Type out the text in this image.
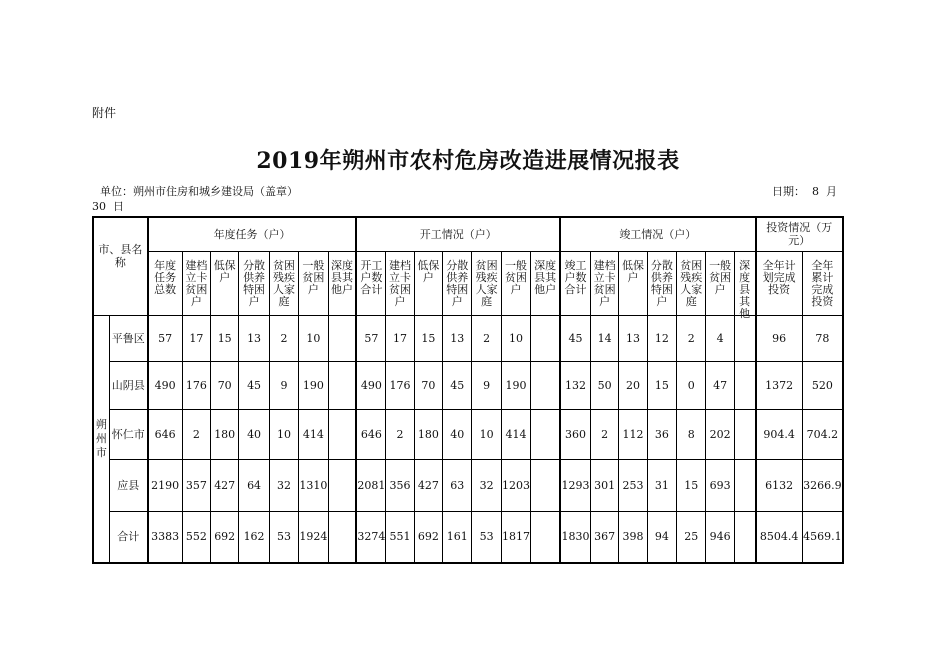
附件
2019年朔州市农村危房改造进展情况报表
单位：朔州市住房和城乡建设局（盖章）	日期：  8  月
30  日
市、县名称		年度任务（户）							开工情况（户）							竣工情况（户）							投资情况（万元）	

		年度任务总数	建档立卡贫困户	低保户	分散供养特困户	贫困残疾人家庭	一般贫困户	深度县其他户	开工户数合计	建档立卡贫困户	低保户	分散供养特困户	贫困残疾人家庭	一般贫困户	深度县其他户	竣工户数合计	建档立卡贫困户	低保户	分散供养特困户	贫困残疾人家庭	一般贫困户	深度县其他	全年计划完成投资	全年累计完成投资

朔州市	平鲁区	57	17	15	13	2	10		57	17	15	13	2	10		45	14	13	12	2	4		96	78
	山阴县	490	176	70	45	9	190		490	176	70	45	9	190		132	50	20	15	0	47		1372	520
	怀仁市	646	2	180	40	10	414		646	2	180	40	10	414		360	2	112	36	8	202		904.4	704.2
	应县	2190	357	427	64	32	1310		2081	356	427	63	32	1203		1293	301	253	31	15	693		6132	3266.9
	合计	3383	552	692	162	53	1924		3274	551	692	161	53	1817		1830	367	398	94	25	946		8504.4	4569.1
